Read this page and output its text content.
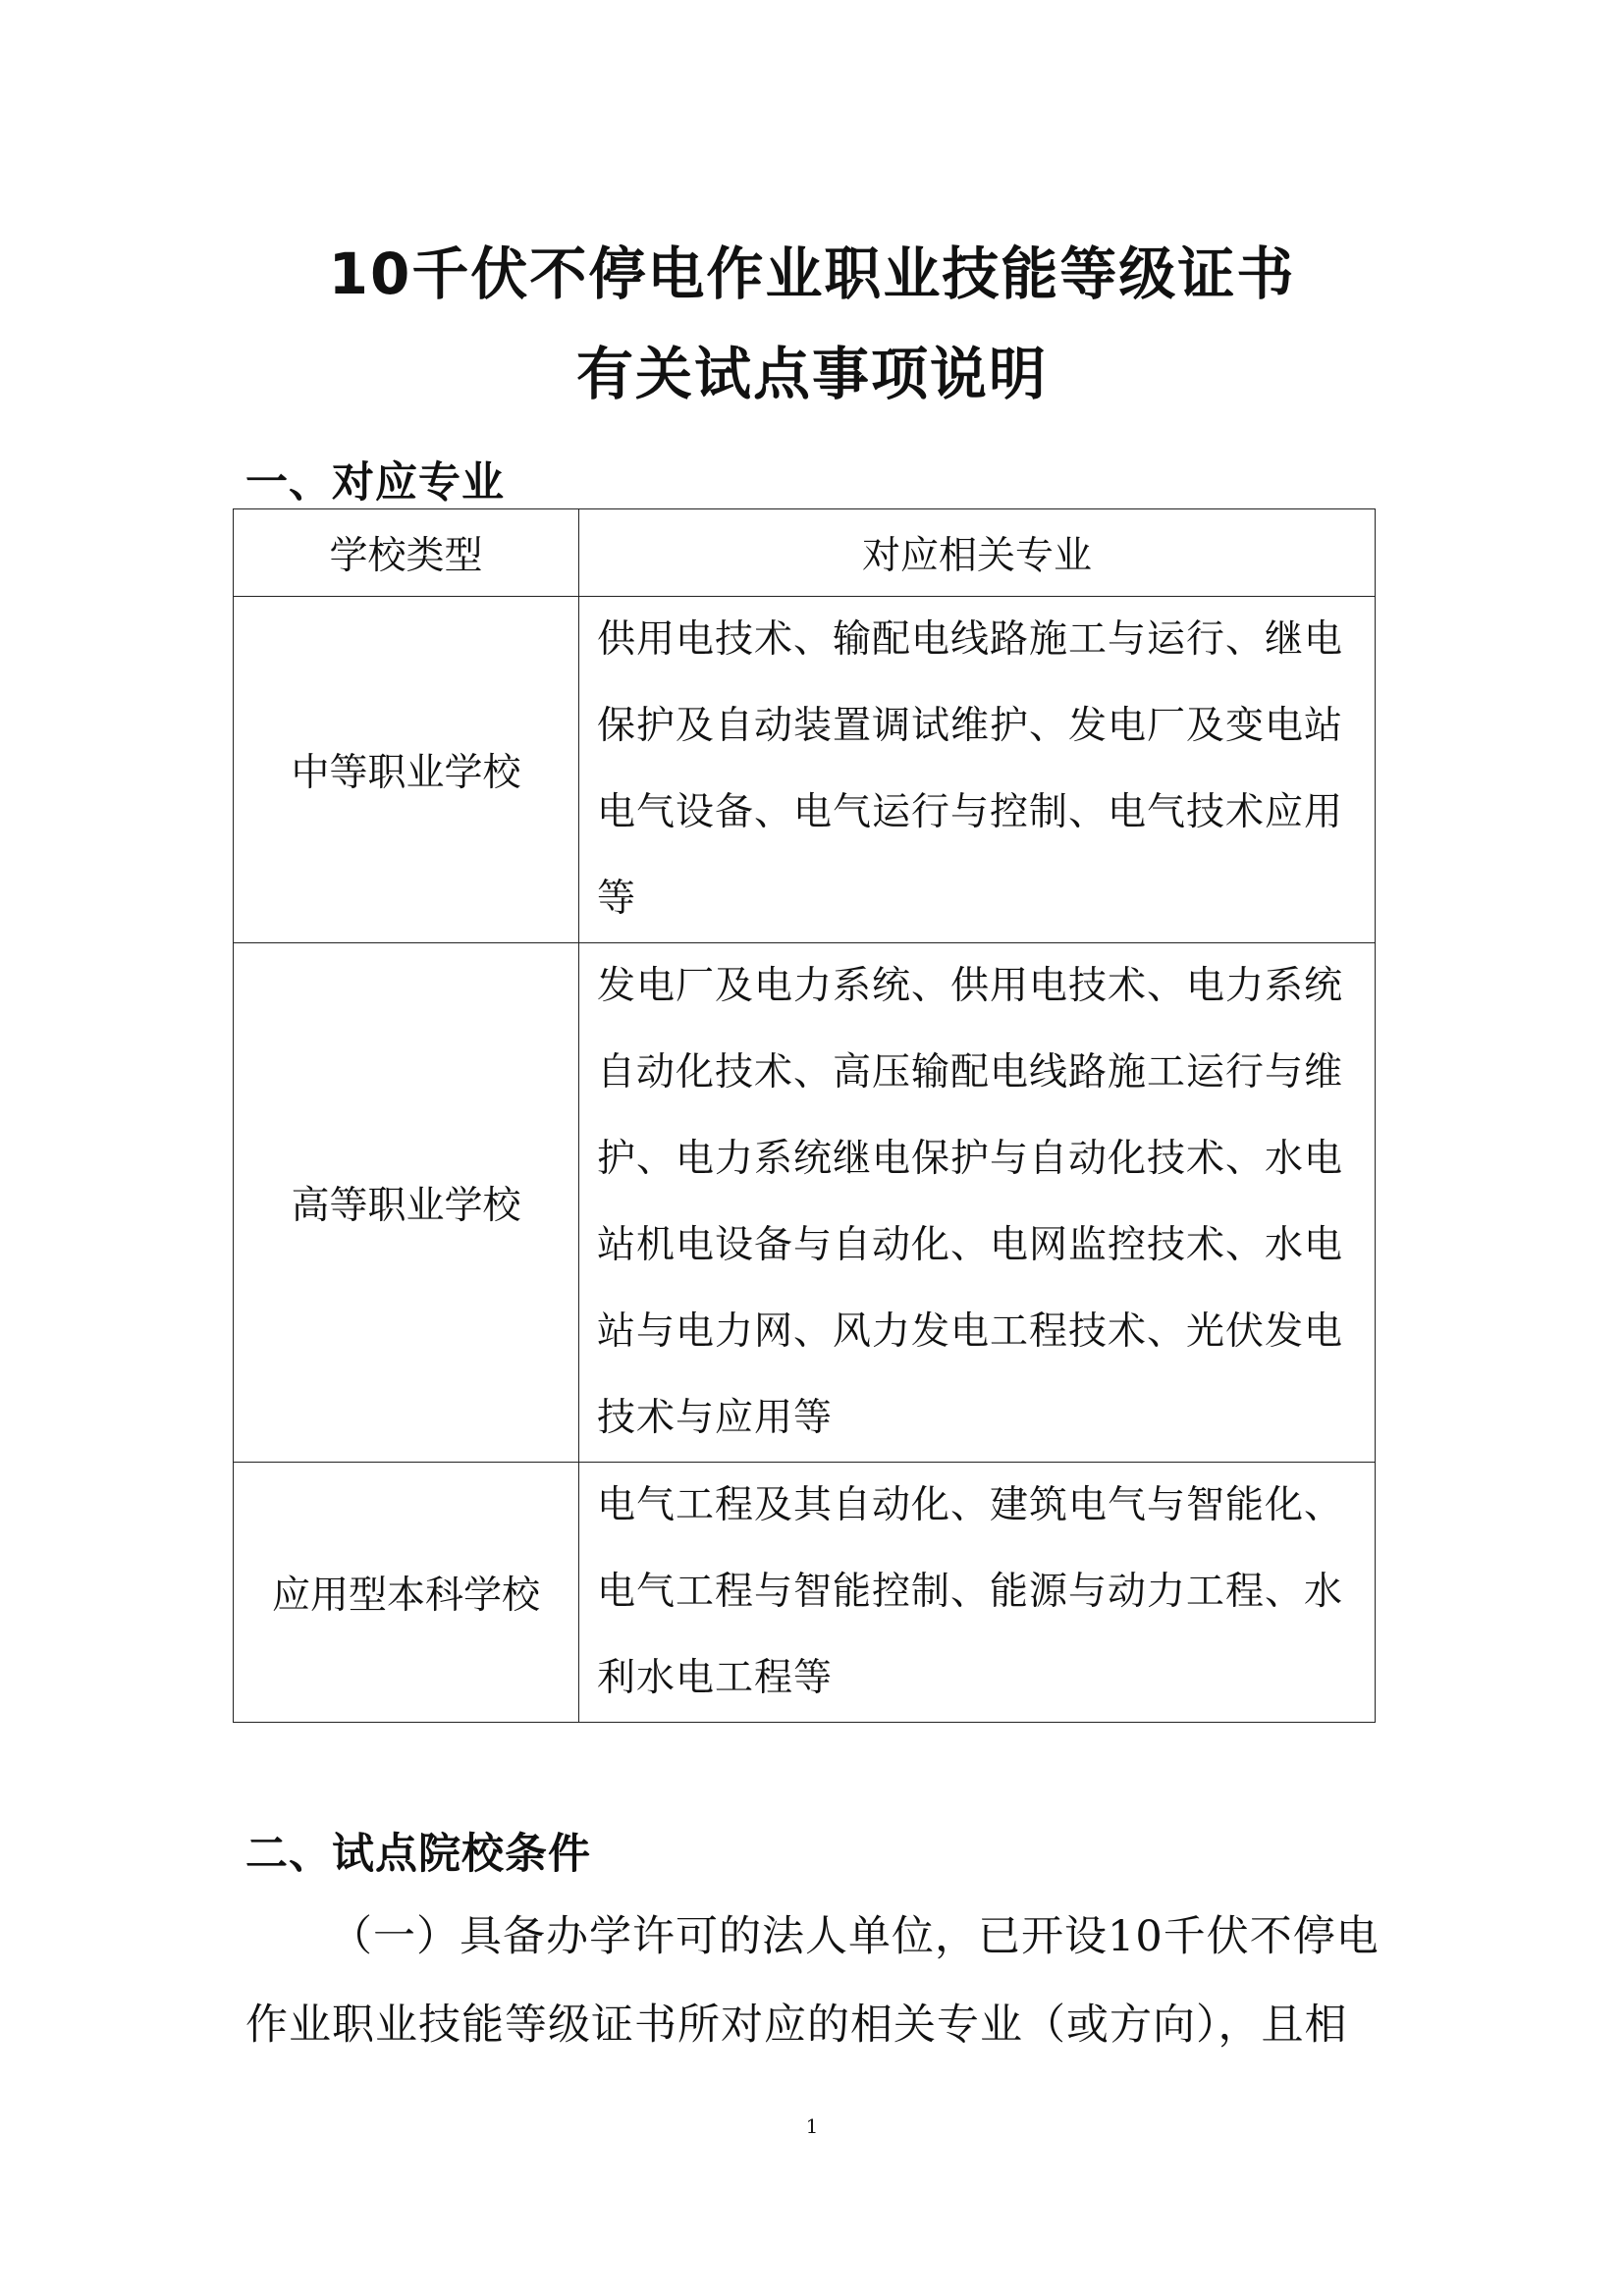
10千伏不停电作业职业技能等级证书
有关试点事项说明
一、对应专业
学校类型	对应相关专业
中等职业学校	供用电技术、输配电线路施工与运行、继电保护及自动装置调试维护、发电厂及变电站电气设备、电气运行与控制、电气技术应用等
高等职业学校	发电厂及电力系统、供用电技术、电力系统自动化技术、高压输配电线路施工运行与维护、电力系统继电保护与自动化技术、水电站机电设备与自动化、电网监控技术、水电站与电力网、风力发电工程技术、光伏发电技术与应用等
应用型本科学校	电气工程及其自动化、建筑电气与智能化、电气工程与智能控制、能源与动力工程、水利水电工程等
二、试点院校条件

（一）具备办学许可的法人单位，已开设10千伏不停电作业职业技能等级证书所对应的相关专业（或方向），且相

1
